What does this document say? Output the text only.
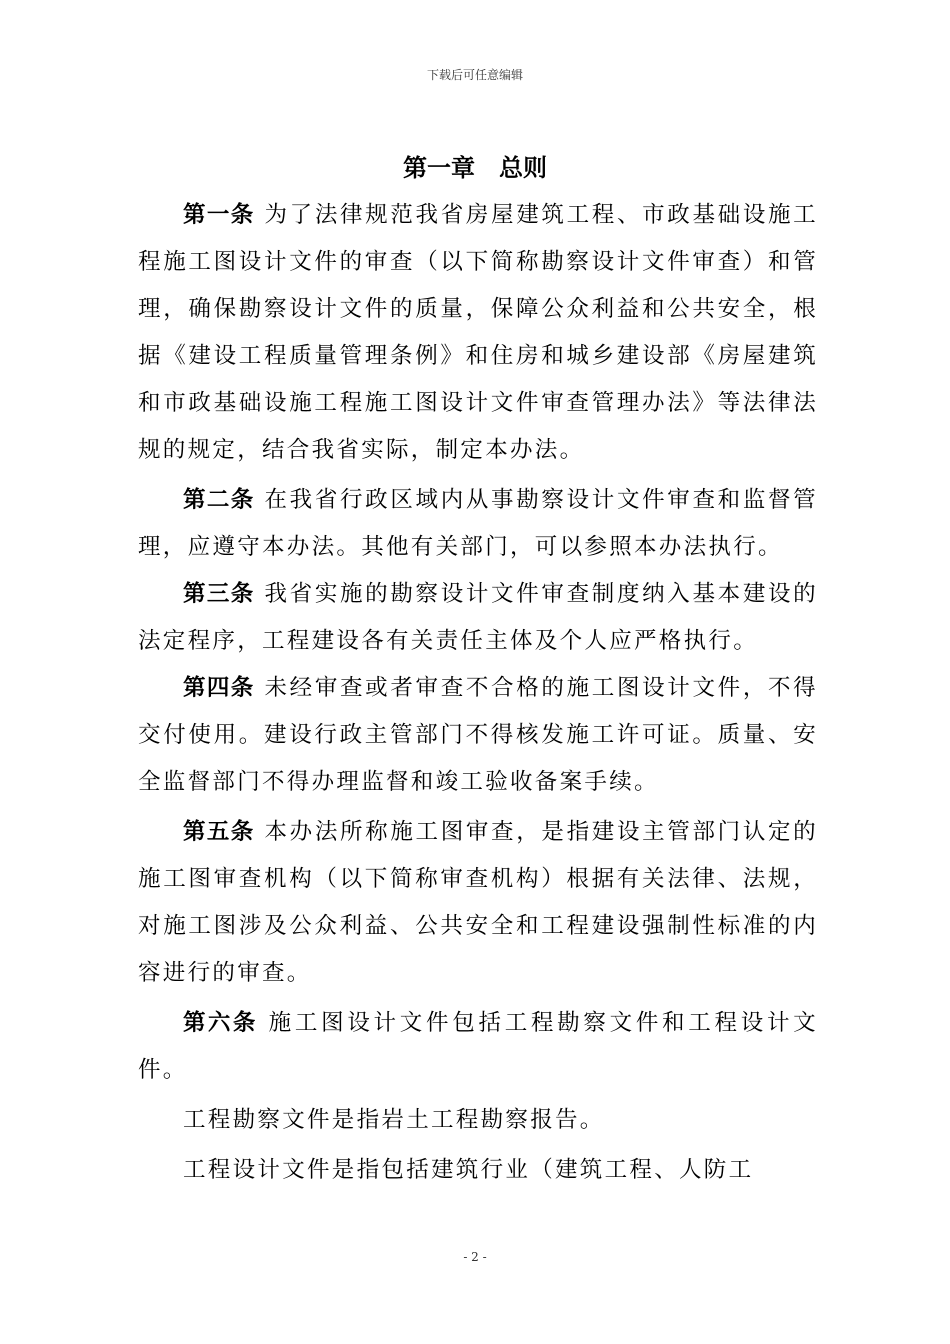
下载后可任意编辑
第一章　总则

第一条 为了法律规范我省房屋建筑工程、市政基础设施工程施工图设计文件的审查（以下简称勘察设计文件审查）和管理，确保勘察设计文件的质量，保障公众利益和公共安全，根据《建设工程质量管理条例》和住房和城乡建设部《房屋建筑和市政基础设施工程施工图设计文件审查管理办法》等法律法规的规定，结合我省实际，制定本办法。

第二条 在我省行政区域内从事勘察设计文件审查和监督管理，应遵守本办法。其他有关部门，可以参照本办法执行。

第三条 我省实施的勘察设计文件审查制度纳入基本建设的法定程序，工程建设各有关责任主体及个人应严格执行。

第四条 未经审查或者审查不合格的施工图设计文件，不得交付使用。建设行政主管部门不得核发施工许可证。质量、安全监督部门不得办理监督和竣工验收备案手续。

第五条 本办法所称施工图审查，是指建设主管部门认定的施工图审查机构（以下简称审查机构）根据有关法律、法规，对施工图涉及公众利益、公共安全和工程建设强制性标准的内容进行的审查。

第六条 施工图设计文件包括工程勘察文件和工程设计文件。

工程勘察文件是指岩土工程勘察报告。

工程设计文件是指包括建筑行业（建筑工程、人防工

- 2 -
